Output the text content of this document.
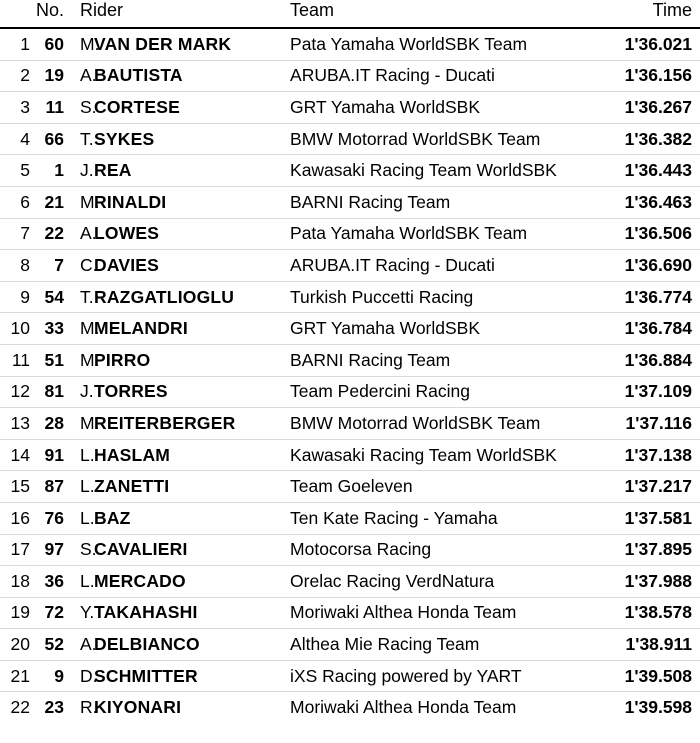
	No.	Rider		Team	Time
1	60	M.	VAN DER MARK	Pata Yamaha WorldSBK Team	1'36.021
2	19	A.	BAUTISTA	ARUBA.IT Racing - Ducati	1'36.156
3	11	S.	CORTESE	GRT Yamaha WorldSBK	1'36.267
4	66	T.	SYKES	BMW Motorrad WorldSBK Team	1'36.382
5	1	J.	REA	Kawasaki Racing Team WorldSBK	1'36.443
6	21	M.	RINALDI	BARNI Racing Team	1'36.463
7	22	A.	LOWES	Pata Yamaha WorldSBK Team	1'36.506
8	7	C.	DAVIES	ARUBA.IT Racing - Ducati	1'36.690
9	54	T.	RAZGATLIOGLU	Turkish Puccetti Racing	1'36.774
10	33	M.	MELANDRI	GRT Yamaha WorldSBK	1'36.784
11	51	M.	PIRRO	BARNI Racing Team	1'36.884
12	81	J.	TORRES	Team Pedercini Racing	1'37.109
13	28	M.	REITERBERGER	BMW Motorrad WorldSBK Team	1'37.116
14	91	L.	HASLAM	Kawasaki Racing Team WorldSBK	1'37.138
15	87	L.	ZANETTI	Team Goeleven	1'37.217
16	76	L.	BAZ	Ten Kate Racing - Yamaha	1'37.581
17	97	S.	CAVALIERI	Motocorsa Racing	1'37.895
18	36	L.	MERCADO	Orelac Racing VerdNatura	1'37.988
19	72	Y.	TAKAHASHI	Moriwaki Althea Honda Team	1'38.578
20	52	A.	DELBIANCO	Althea Mie Racing Team	1'38.911
21	9	D.	SCHMITTER	iXS Racing powered by YART	1'39.508
22	23	R.	KIYONARI	Moriwaki Althea Honda Team	1'39.598
